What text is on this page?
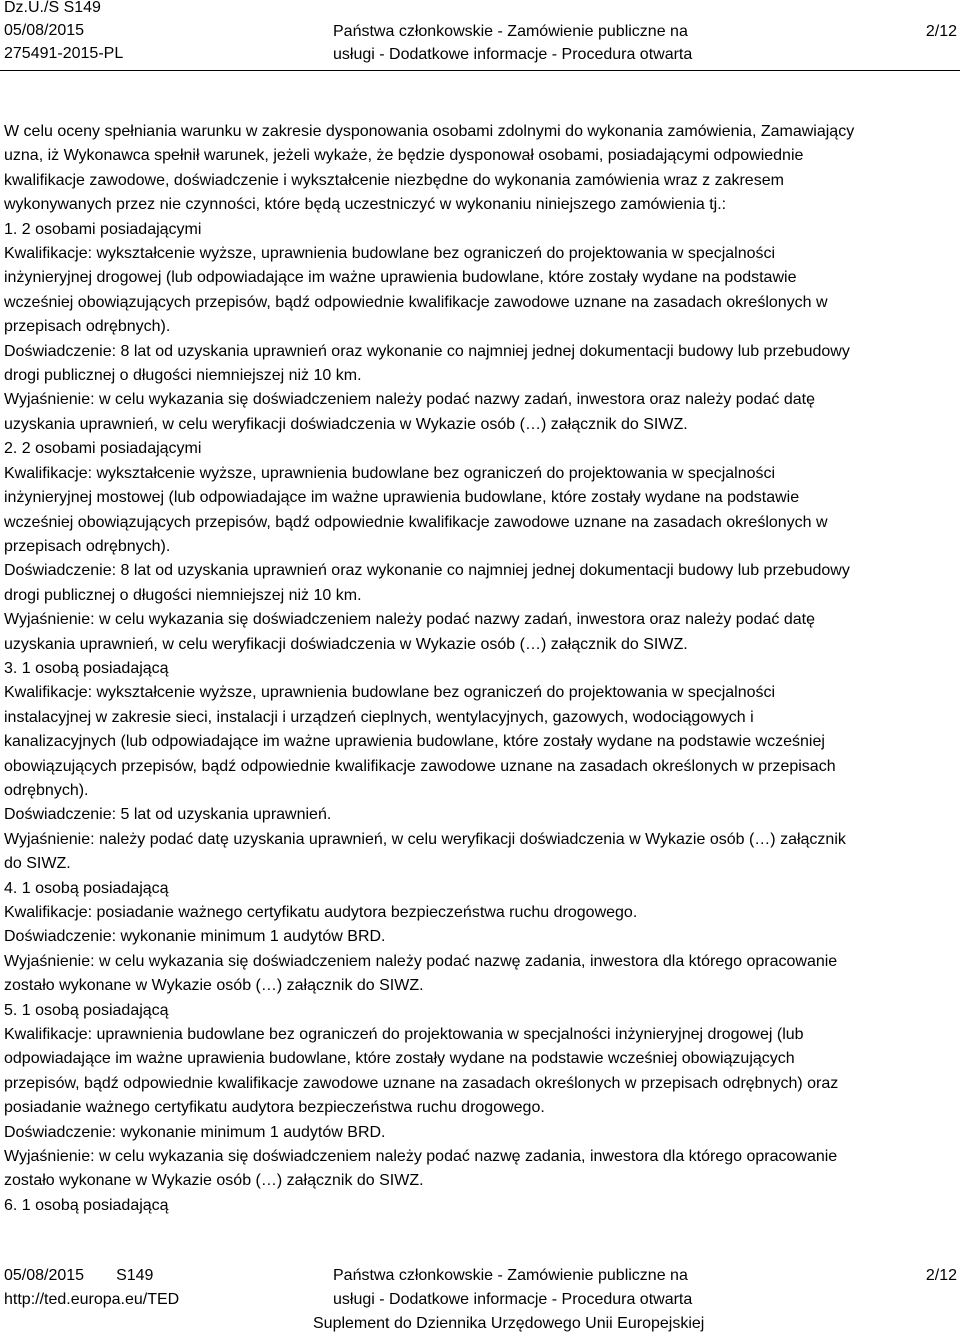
Dz.U./S S149
05/08/2015
275491-2015-PL
Państwa członkowskie - Zamówienie publiczne na
usługi - Dodatkowe informacje - Procedura otwarta
2/12

W celu oceny spełniania warunku w zakresie dysponowania osobami zdolnymi do wykonania zamówienia, Zamawiający

uzna, iż Wykonawca spełnił warunek, jeżeli wykaże, że będzie dysponował osobami, posiadającymi odpowiednie

kwalifikacje zawodowe, doświadczenie i wykształcenie niezbędne do wykonania zamówienia wraz z zakresem

wykonywanych przez nie czynności, które będą uczestniczyć w wykonaniu niniejszego zamówienia tj.:

1. 2 osobami posiadającymi

Kwalifikacje: wykształcenie wyższe, uprawnienia budowlane bez ograniczeń do projektowania w specjalności

inżynieryjnej drogowej (lub odpowiadające im ważne uprawienia budowlane, które zostały wydane na podstawie

wcześniej obowiązujących przepisów, bądź odpowiednie kwalifikacje zawodowe uznane na zasadach określonych w

przepisach odrębnych).

Doświadczenie: 8 lat od uzyskania uprawnień oraz wykonanie co najmniej jednej dokumentacji budowy lub przebudowy

drogi publicznej o długości niemniejszej niż 10 km.

Wyjaśnienie: w celu wykazania się doświadczeniem należy podać nazwy zadań, inwestora oraz należy podać datę

uzyskania uprawnień, w celu weryfikacji doświadczenia w Wykazie osób (…) załącznik do SIWZ.

2. 2 osobami posiadającymi

Kwalifikacje: wykształcenie wyższe, uprawnienia budowlane bez ograniczeń do projektowania w specjalności

inżynieryjnej mostowej (lub odpowiadające im ważne uprawienia budowlane, które zostały wydane na podstawie

wcześniej obowiązujących przepisów, bądź odpowiednie kwalifikacje zawodowe uznane na zasadach określonych w

przepisach odrębnych).

Doświadczenie: 8 lat od uzyskania uprawnień oraz wykonanie co najmniej jednej dokumentacji budowy lub przebudowy

drogi publicznej o długości niemniejszej niż 10 km.

Wyjaśnienie: w celu wykazania się doświadczeniem należy podać nazwy zadań, inwestora oraz należy podać datę

uzyskania uprawnień, w celu weryfikacji doświadczenia w Wykazie osób (…) załącznik do SIWZ.

3. 1 osobą posiadającą

Kwalifikacje: wykształcenie wyższe, uprawnienia budowlane bez ograniczeń do projektowania w specjalności

instalacyjnej w zakresie sieci, instalacji i urządzeń cieplnych, wentylacyjnych, gazowych, wodociągowych i

kanalizacyjnych (lub odpowiadające im ważne uprawienia budowlane, które zostały wydane na podstawie wcześniej

obowiązujących przepisów, bądź odpowiednie kwalifikacje zawodowe uznane na zasadach określonych w przepisach

odrębnych).

Doświadczenie: 5 lat od uzyskania uprawnień.

Wyjaśnienie: należy podać datę uzyskania uprawnień, w celu weryfikacji doświadczenia w Wykazie osób (…) załącznik

do SIWZ.

4. 1 osobą posiadającą

Kwalifikacje: posiadanie ważnego certyfikatu audytora bezpieczeństwa ruchu drogowego.

Doświadczenie: wykonanie minimum 1 audytów BRD.

Wyjaśnienie: w celu wykazania się doświadczeniem należy podać nazwę zadania, inwestora dla którego opracowanie

zostało wykonane w Wykazie osób (…) załącznik do SIWZ.

5. 1 osobą posiadającą

Kwalifikacje: uprawnienia budowlane bez ograniczeń do projektowania w specjalności inżynieryjnej drogowej (lub

odpowiadające im ważne uprawienia budowlane, które zostały wydane na podstawie wcześniej obowiązujących

przepisów, bądź odpowiednie kwalifikacje zawodowe uznane na zasadach określonych w przepisach odrębnych) oraz

posiadanie ważnego certyfikatu audytora bezpieczeństwa ruchu drogowego.

Doświadczenie: wykonanie minimum 1 audytów BRD.

Wyjaśnienie: w celu wykazania się doświadczeniem należy podać nazwę zadania, inwestora dla którego opracowanie

zostało wykonane w Wykazie osób (…) załącznik do SIWZ.

6. 1 osobą posiadającą

05/08/2015 S149
http://ted.europa.eu/TED
Państwa członkowskie - Zamówienie publiczne na
usługi - Dodatkowe informacje - Procedura otwarta
Suplement do Dziennika Urzędowego Unii Europejskiej
2/12
